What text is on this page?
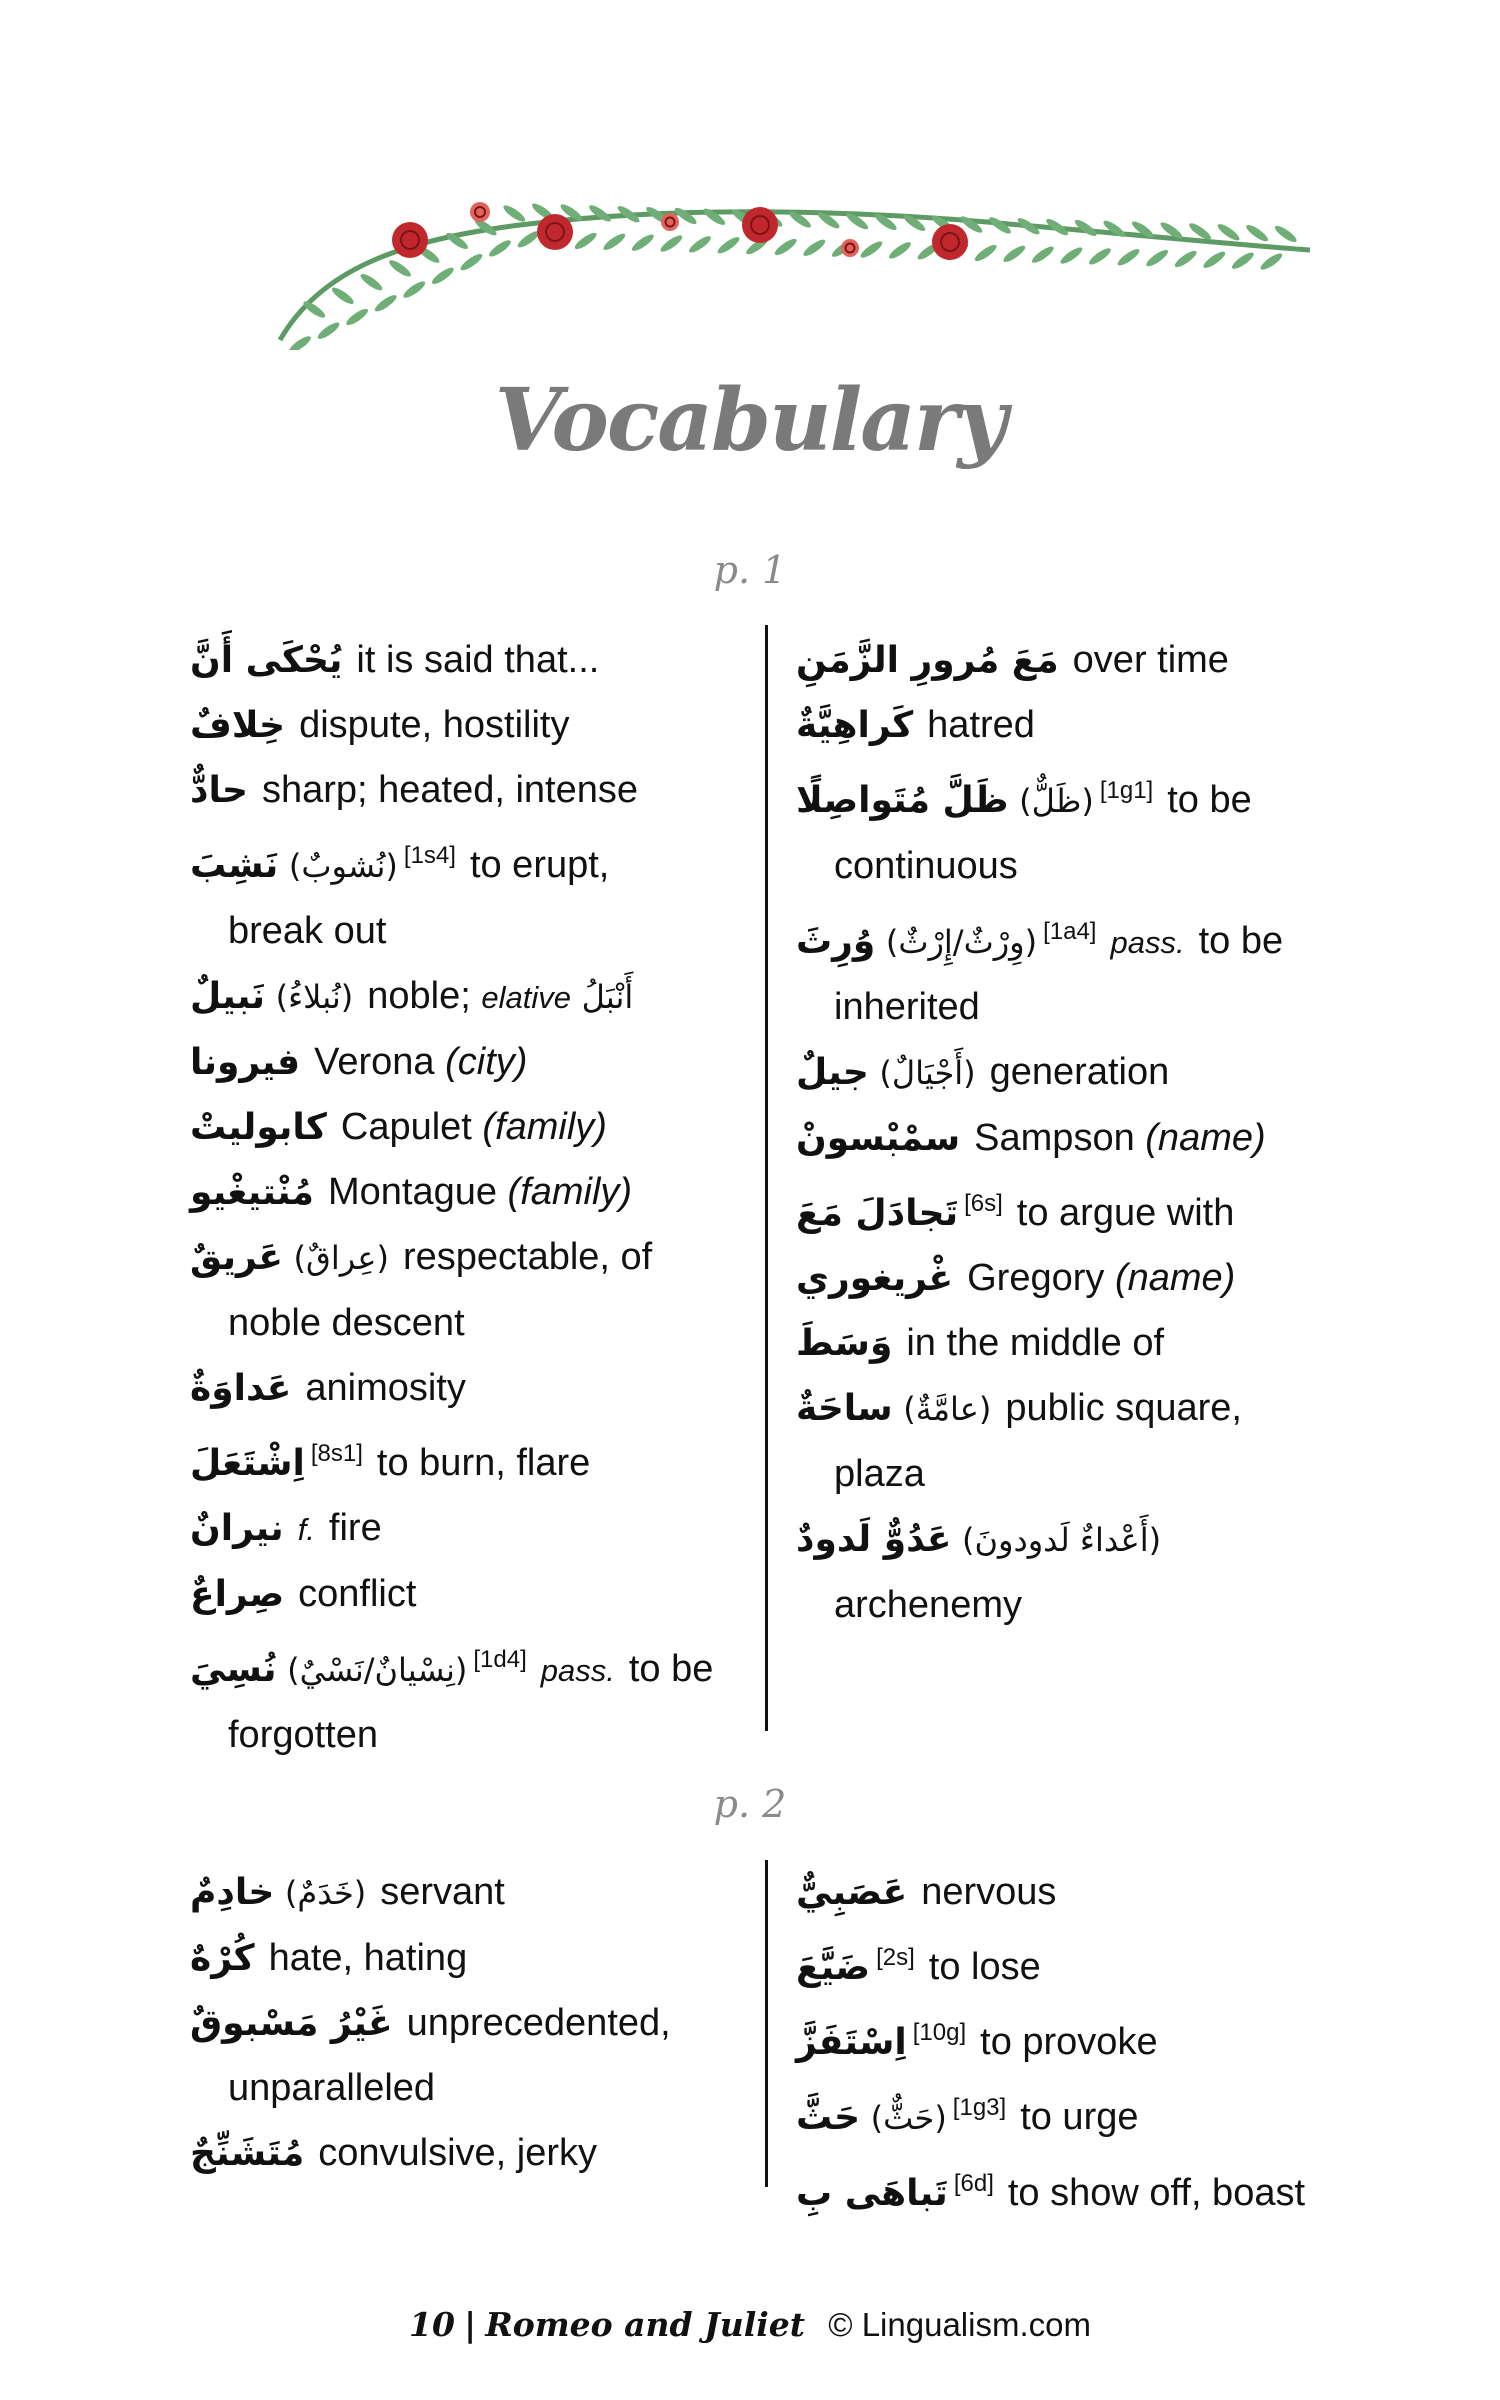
Vocabulary
p. 1
يُحْكَى أَنَّ it is said that...
خِلافٌ dispute, hostility
حادٌّ sharp; heated, intense
نَشِبَ (نُشوبٌ) [1s4] to erupt,
break out
نَبيلٌ (نُبلاءُ) noble; elative أَنْبَلُ
فيرونا Verona (city)
كابوليتْ Capulet (family)
مُنْتيغْيو Montague (family)
عَريقٌ (عِراقٌ) respectable, of
noble descent
عَداوَةٌ animosity
اِشْتَعَلَ [8s1] to burn, flare
نيرانٌ f. fire
صِراعٌ conflict
نُسِيَ (نِسْيانٌ/نَسْيٌ) [1d4] pass. to be
forgotten
مَعَ مُرورِ الزَّمَنِ over time
كَراهِيَّةٌ hatred
ظَلَّ مُتَواصِلًا (ظَلٌّ) [1g1] to be
continuous
وُرِثَ (وِرْثٌ/إِرْثٌ) [1a4] pass. to be
inherited
جيلٌ (أَجْيَالٌ) generation
سمْبْسونْ Sampson (name)
تَجادَلَ مَعَ [6s] to argue with
غْريغوري Gregory (name)
وَسَطَ in the middle of
ساحَةٌ (عامَّةٌ) public square,
plaza
عَدُوٌّ لَدودٌ (أَعْداءٌ لَدودونَ)
archenemy
p. 2
خادِمٌ (خَدَمٌ) servant
كُرْهٌ hate, hating
غَيْرُ مَسْبوقٌ unprecedented,
unparalleled
مُتَشَنِّجٌ convulsive, jerky
عَصَبِيٌّ nervous
ضَيَّعَ [2s] to lose
اِسْتَفَزَّ [10g] to provoke
حَثَّ (حَثٌّ) [1g3] to urge
تَباهَى بِ [6d] to show off, boast
10 | Romeo and Juliet © Lingualism.com
